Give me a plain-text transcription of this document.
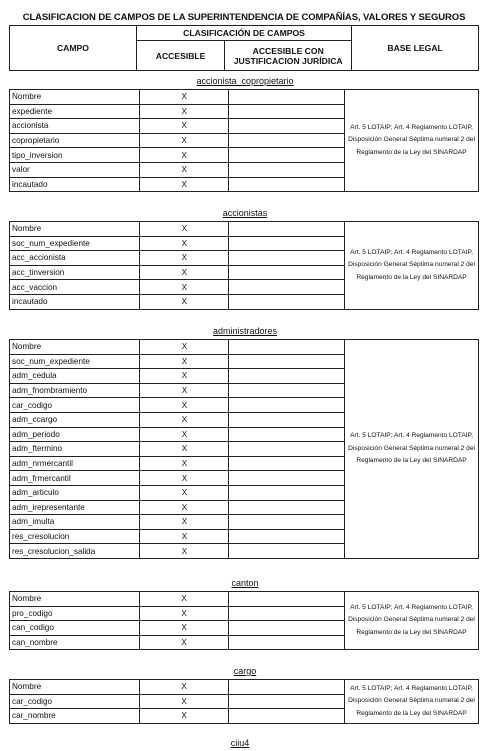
CLASIFICACION DE CAMPOS DE LA SUPERINTENDENCIA DE COMPAÑÍAS, VALORES Y SEGUROS
CAMPO	CLASIFICACIÓN DE CAMPOS		BASE LEGAL
	ACCESIBLE	ACCESIBLE CON JUSTIFICACION JURÍDICA	
accionista_copropietario
Nombre	X		Art. 5 LOTAIP; Art. 4 Reglamento LOTAIP, Disposición General Séptima numeral 2 del Reglamento de la Ley del SINARDAP
expediente	X		
accionista	X		
copropietario	X		
tipo_inversion	X		
valor	X		
incautado	X		
accionistas
Nombre	X		Art. 5 LOTAIP; Art. 4 Reglamento LOTAIP, Disposición General Séptima numeral 2 del Reglamento de la Ley del SINARDAP
soc_num_expediente	X		
acc_accionista	X		
acc_tinversion	X		
acc_vaccion	X		
incautado	X		
administradores
Nombre	X		Art. 5 LOTAIP; Art. 4 Reglamento LOTAIP, Disposición General Séptima numeral 2 del Reglamento de la Ley del SINARDAP
soc_num_expediente	X		
adm_cedula	X		
adm_fnombramiento	X		
car_codigo	X		
adm_ccargo	X		
adm_periodo	X		
adm_ftermino	X		
adm_nrmercantil	X		
adm_frmercantil	X		
adm_articulo	X		
adm_irepresentante	X		
adm_imulta	X		
res_cresolucion	X		
res_cresolucion_salida	X		
canton
Nombre	X		Art. 5 LOTAIP; Art. 4 Reglamento LOTAIP, Disposición General Séptima numeral 2 del Reglamento de la Ley del SINARDAP
pro_codigo	X		
can_codigo	X		
can_nombre	X		
cargo
Nombre	X		Art. 5 LOTAIP; Art. 4 Reglamento LOTAIP, Disposición General Séptima numeral 2 del Reglamento de la Ley del SINARDAP
car_codigo	X		
car_nombre	X		
ciiu4
